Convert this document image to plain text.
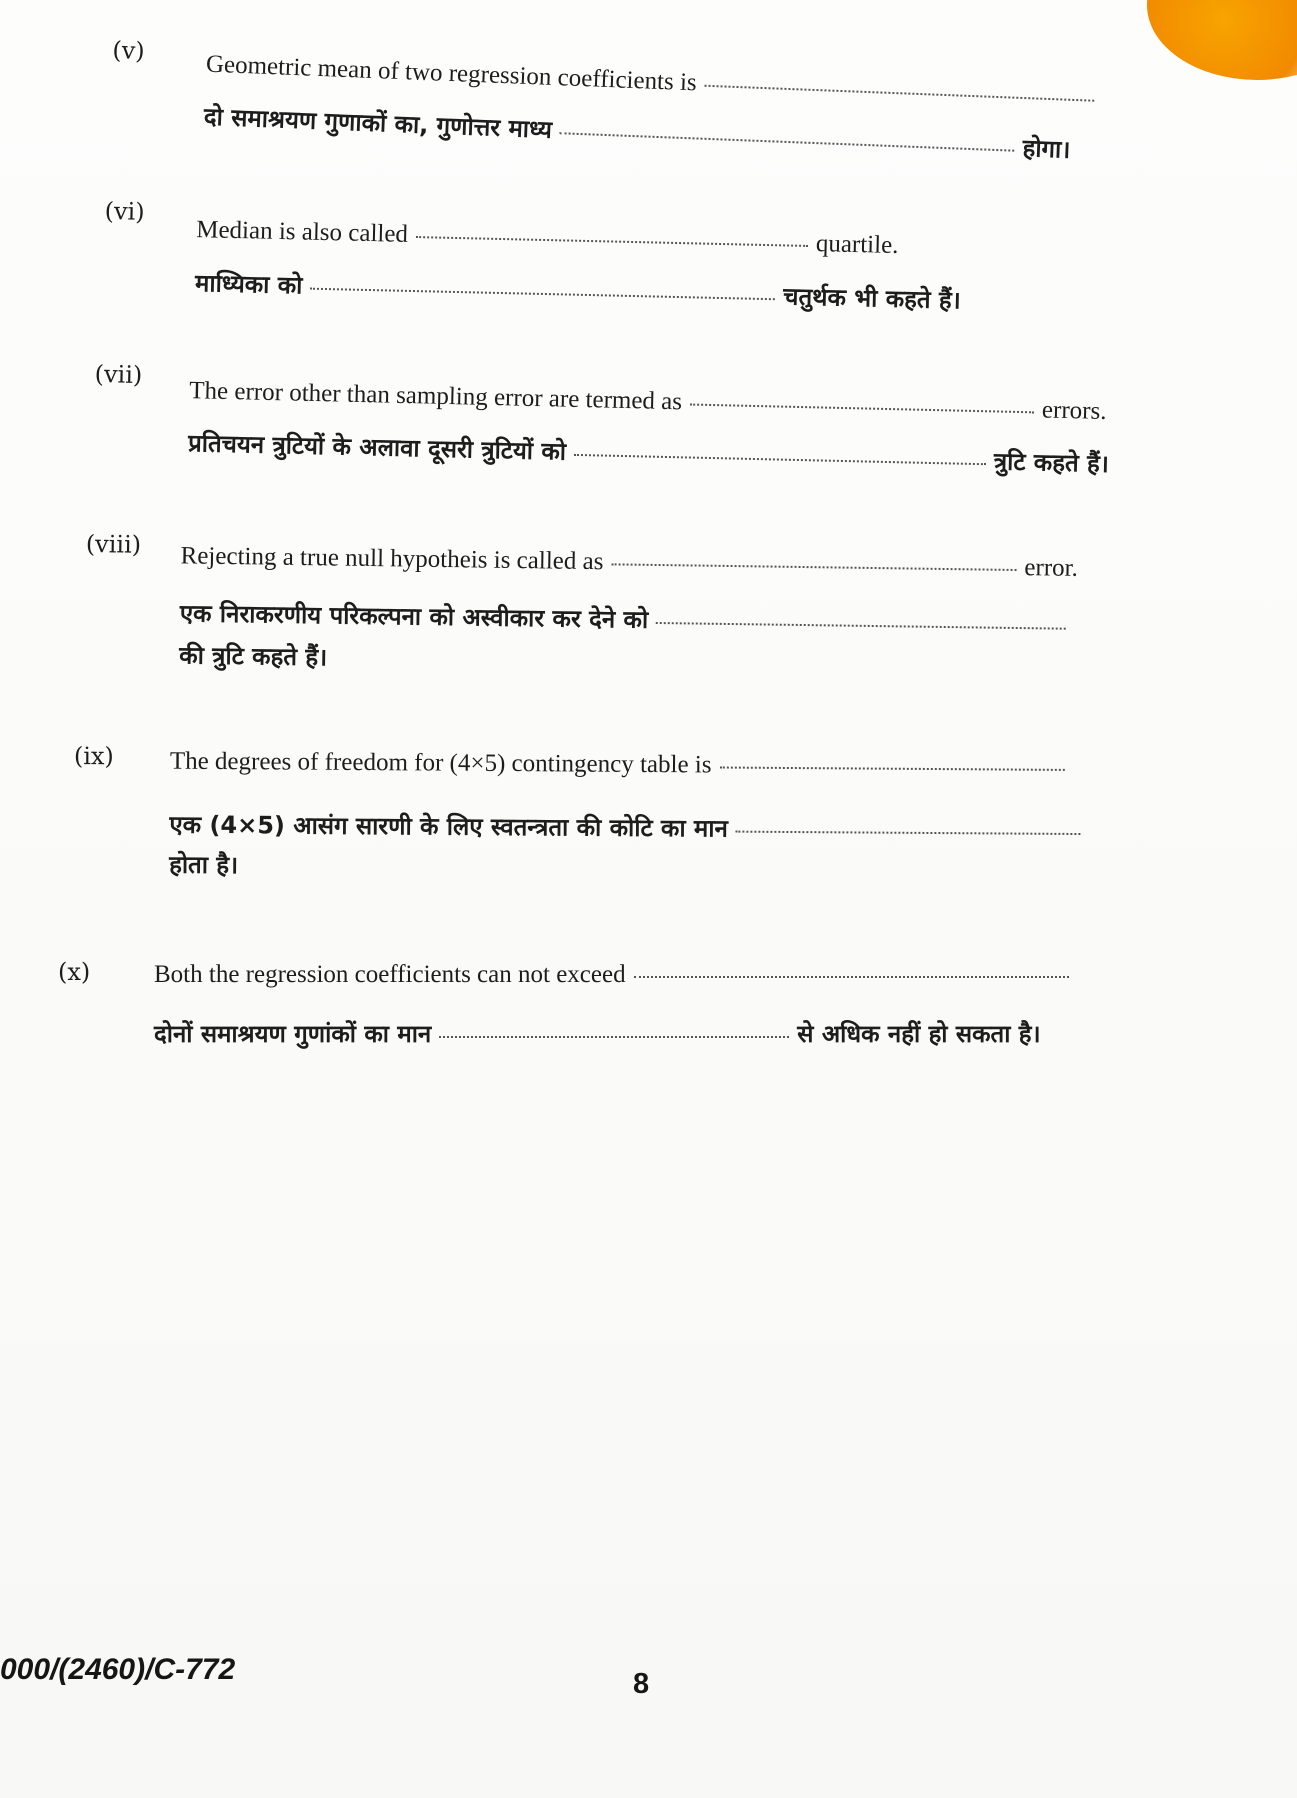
(v) Geometric mean of two regression coefficients is
दो समाश्रयण गुणाकों का, गुणोत्तर माध्यहोगा।
(vi)
Median is also called	quartile.
माध्यिका को	चतुर्थक भी कहते हैं।
(vii)
The error other than sampling error are termed as	errors.
प्रतिचयन त्रुटियों के अलावा दूसरी त्रुटियों को	त्रुटि कहते हैं।
(viii) Rejecting a true null hypotheis is called as	error.
एक निराकरणीय परिकल्पना को अस्वीकार कर देने को
की त्रुटि कहते हैं।
(ix) The degrees of freedom for (4×5) contingency table is
एक (4×5) आसंग सारणी के लिए स्वतन्त्रता की कोटि का मान
होता है।
(x)	Both the regression coefficients can not exceed
दोनों समाश्रयण गुणांकों का मान	से अधिक नहीं हो सकता है।
000/(2460)/C-772	8
